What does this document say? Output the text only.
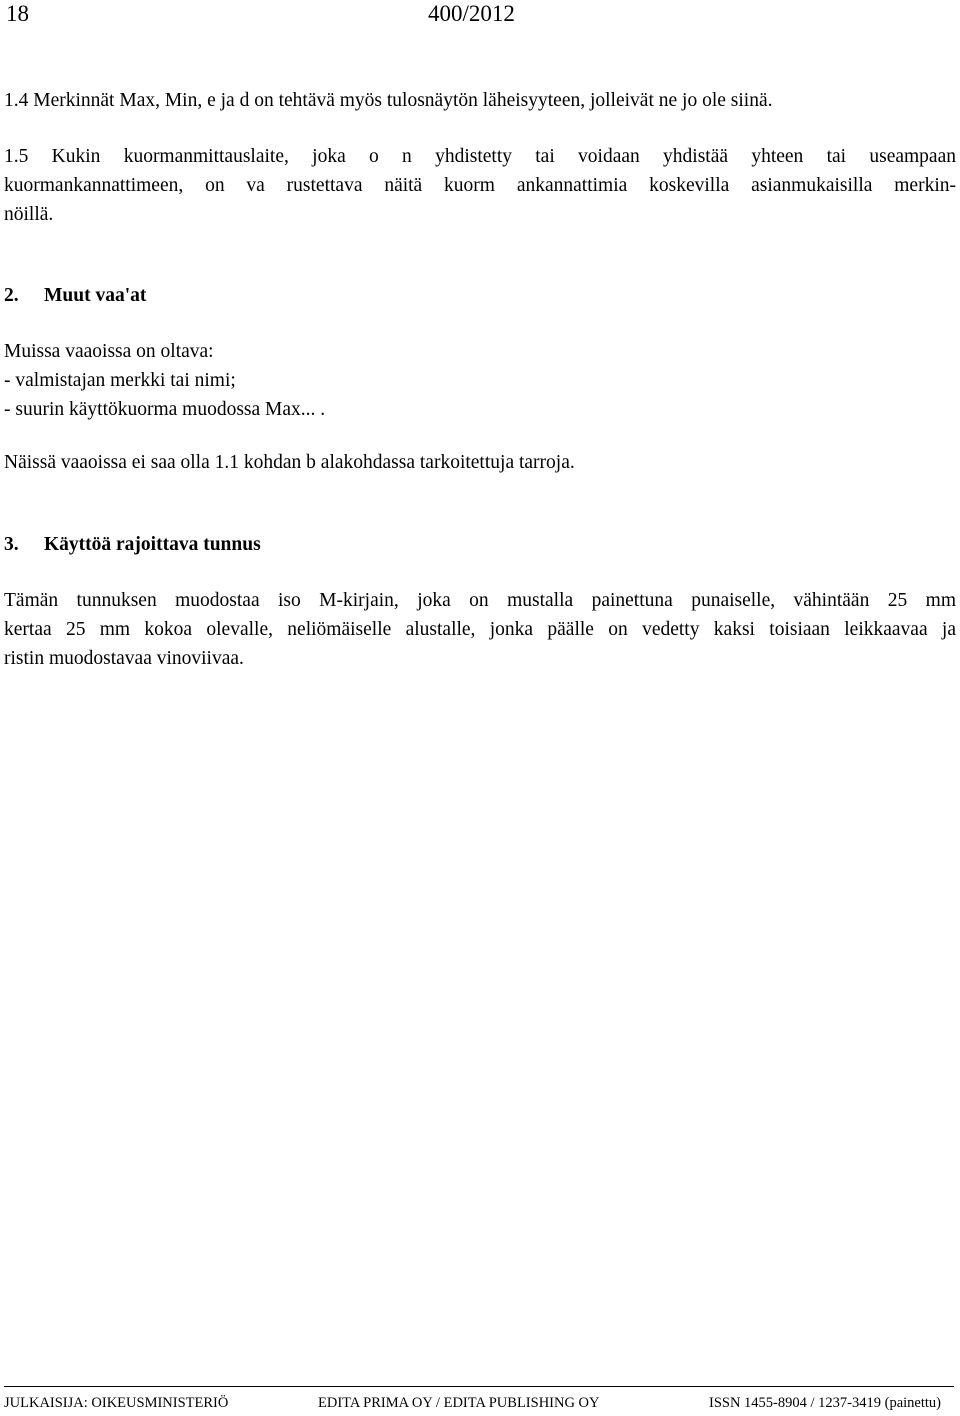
18	400/2012
1.4 Merkinnät Max, Min, e ja d on tehtävä myös tulosnäytön läheisyyteen, jolleivät ne jo ole siinä.
1.5 Kukin kuormanmittauslaite, joka o n yhdistetty tai voidaan yhdistää yhteen tai useampaan
kuormankannattimeen, on va rustettava näitä kuorm ankannattimia koskevilla asianmukaisilla merkin-
nöillä.
2. Muut vaa'at
Muissa vaaoissa on oltava:
- valmistajan merkki tai nimi;
- suurin käyttökuorma muodossa Max... .
Näissä vaaoissa ei saa olla 1.1 kohdan b alakohdassa tarkoitettuja tarroja.
3. Käyttöä rajoittava tunnus
Tämän tunnuksen muodostaa iso M-kirjain, joka on mustalla painettuna punaiselle, vähintään 25 mm
kertaa 25 mm kokoa olevalle, neliömäiselle alustalle, jonka päälle on vedetty kaksi toisiaan leikkaavaa ja
ristin muodostavaa vinoviivaa.
JULKAISIJA: OIKEUSMINISTERIÖ	EDITA PRIMA OY / EDITA PUBLISHING OY	ISSN 1455-8904 / 1237-3419 (painettu)
